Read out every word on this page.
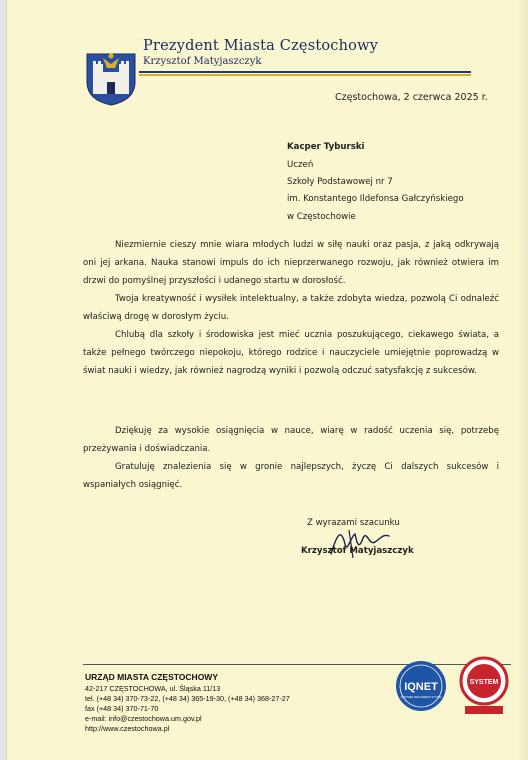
Prezydent Miasta Częstochowy
Krzysztof Matyjaszczyk
Częstochowa, 2 czerwca 2025 r.
Kacper Tyburski
Uczeń
Szkoły Podstawowej nr 7
im. Konstantego Ildefonsa Gałczyńskiego
w Częstochowie

Niezmiernie cieszy mnie wiara młodych ludzi w siłę nauki oraz pasja, z jaką odkrywają oni jej arkana. Nauka stanowi impuls do ich nieprzerwanego rozwoju, jak również otwiera im drzwi do pomyślnej przyszłości i udanego startu w dorosłość.

Twoja kreatywność i wysiłek intelektualny, a także zdobyta wiedza, pozwolą Ci odnaleźć właściwą drogę w dorosłym życiu.

Chlubą dla szkoły i środowiska jest mieć ucznia poszukującego, ciekawego świata, a także pełnego twórczego niepokoju, którego rodzice i nauczyciele umiejętnie poprowadzą w świat nauki i wiedzy, jak również nagrodzą wyniki i pozwolą odczuć satysfakcję z sukcesów.

Dziękuję za wysokie osiągnięcia w nauce, wiarę w radość uczenia się, potrzebę przeżywania i doświadczania.

Gratuluję znalezienia się w gronie najlepszych, życzę Ci dalszych sukcesów i wspaniałych osiągnięć.

Z wyrazami szacunku
Krzysztof Matyjaszczyk
URZĄD MIASTA CZĘSTOCHOWY
42-217 CZĘSTOCHOWA, ul. Śląska 11/13
tel. (+48 34) 370-73-22, (+48 34) 365-19-30, (+48 34) 368-27-27
fax (+48 34) 370-71-70
e-mail: info@czestochowa.um.gov.pl
http://www.czestochowa.pl
IQNET
CERTIFIED MANAGEMENT SYSTEM
SYSTEM
